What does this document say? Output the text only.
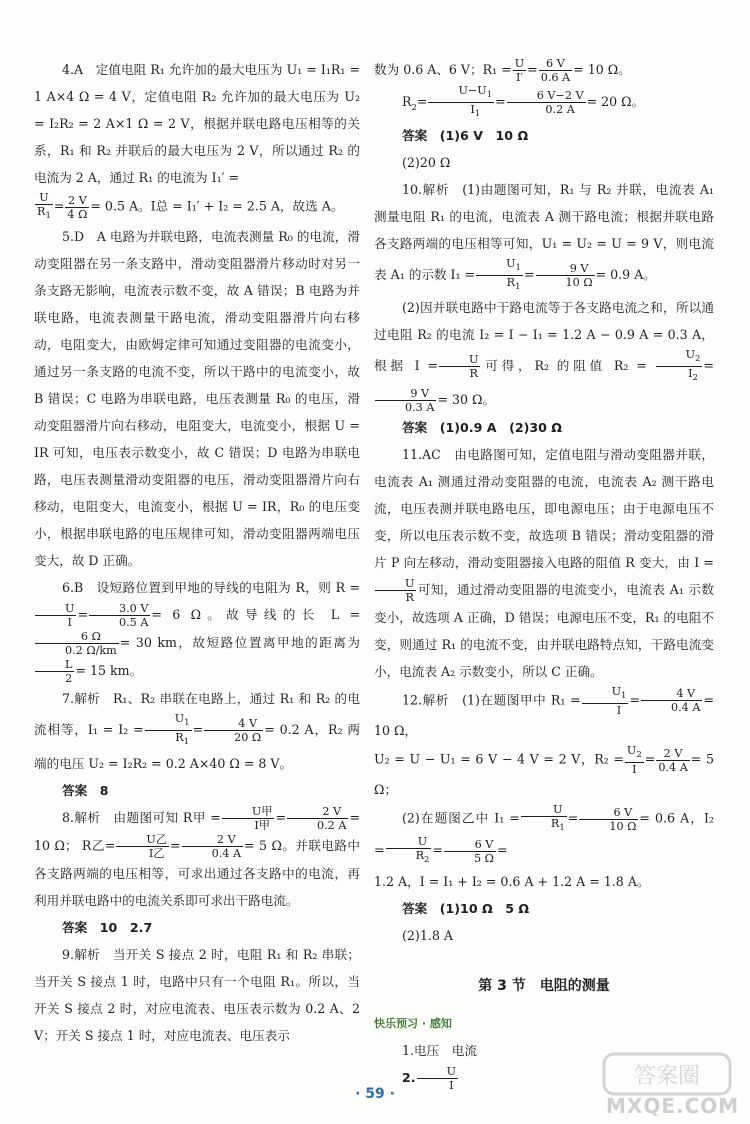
4.A　定值电阻 R₁ 允许加的最大电压为 U₁ = I₁R₁ = 1 A×4 Ω = 4 V，定值电阻 R₂ 允许加的最大电压为 U₂ = I₂R₂ = 2 A×1 Ω = 2 V，根据并联电路电压相等的关系，R₁ 和 R₂ 并联后的最大电压为 2 V，所以通过 R₂ 的电流为 2 A，通过 R₁ 的电流为 I₁′ =

$\frac{U}{R_1} = \frac{2 V}{4 \Omega} = 0.5$ A。I总 = I₁′ + I₂ = 2.5 A，故选 A。

5.D　A 电路为并联电路，电流表测量 R₀ 的电流，滑动变阻器在另一条支路中，滑动变阻器滑片移动时对另一条支路无影响，电流表示数不变，故 A 错误；B 电路为并联电路，电流表测量干路电流，滑动变阻器滑片向右移动，电阻变大，由欧姆定律可知通过变阻器的电流变小，通过另一条支路的电流不变，所以干路中的电流变小，故 B 错误；C 电路为串联电路，电压表测量 R₀ 的电压，滑动变阻器滑片向右移动，电阻变大，电流变小，根据 U = IR 可知，电压表示数变小，故 C 错误；D 电路为串联电路，电压表测量滑动变阻器的电压，滑动变阻器滑片向右移动，电阻变大，电流变小，根据 U = IR，R₀ 的电压变小，根据串联电路的电压规律可知，滑动变阻器两端电压变大，故 D 正确。

6.B　设短路位置到甲地的导线的电阻为 R，则 R =
$\frac{U}{I} = \frac{3.0 V}{0.5 A} = 6$ Ω。故导线的长 L =
$\frac{6 \Omega}{0.2 \Omega/km} = 30$ km，故短路位置离甲地的距离为
$\frac{L}{2} = 15$ km。

7.解析　R₁、R₂ 串联在电路上，通过 R₁ 和 R₂ 的电流相等，$I_1 = I_2 = \frac{U_1}{R_1} = \frac{4 V}{20 \Omega} = 0.2$ A，R₂ 两端的电压 U₂ = I₂R₂ = 0.2 A×40 Ω = 8 V。

答案　8

8.解析　由题图可知 R甲 = $\frac{\text{U甲}}{\text{I甲}} = \frac{2 V}{0.2 A} = 10$ Ω； R乙= $\frac{\text{U乙}}{\text{I乙}} = \frac{2 V}{0.4 A} = 5$ Ω。并联电路中各支路两端的电压相等，可求出通过各支路中的电流，再利用并联电路中的电流关系即可求出干路电流。

答案　10　2.7

9.解析　当开关 S 接点 2 时，电阻 R₁ 和 R₂ 串联；当开关 S 接点 1 时，电路中只有一个电阻 R₁。所以，当开关 S 接点 2 时，对应电流表、电压表示数为 0.2 A、2 V；开关 S 接点 1 时，对应电流表、电压表示

数为 0.6 A、6 V；$R_1 = \frac{U}{I'} = \frac{6 V}{0.6 A} = 10$ Ω。

$R_2= \frac{U-U_1}{I_1} = \frac{6 V-2 V}{0.2 A} = 20$ Ω。

答案　(1)6 V　10 Ω

(2)20 Ω

10.解析　(1)由题图可知，R₁ 与 R₂ 并联，电流表 A₁ 测量电阻 R₁ 的电流，电流表 A 测干路电流；根据并联电路各支路两端的电压相等可知，U₁ = U₂ = U = 9 V，则电流表 A₁ 的示数 $I_1 = \frac{U_1}{R_1} = \frac{9 V}{10 \Omega} = 0.9$ A。

(2)因并联电路中干路电流等于各支路电流之和，所以通过电阻 R₂ 的电流 I₂ = I − I₁ = 1.2 A − 0.9 A = 0.3 A，根据 $I = \frac{U}{R}$ 可得，R₂ 的阻值 $R_2 = \frac{U_2}{I_2}$ =
$\frac{9 V}{0.3 A} = 30$ Ω。

答案　(1)0.9 A　(2)30 Ω

11.AC　由电路图可知，定值电阻与滑动变阻器并联，电流表 A₁ 测通过滑动变阻器的电流，电流表 A₂ 测干路电流，电压表测并联电路电压，即电源电压；由于电源电压不变，所以电压表示数不变，故选项 B 错误；滑动变阻器的滑片 P 向左移动，滑动变阻器接入电路的阻值 R 变大，由 I =
$\frac{U}{R}$ 可知，通过滑动变阻器的电流变小，电流表 A₁ 示数变小，故选项 A 正确，D 错误；电源电压不变，R₁ 的电阻不变，则通过 R₁ 的电流不变，由并联电路特点知，干路电流变小，电流表 A₂ 示数变小，所以 C 正确。

12.解析　(1)在题图甲中 $R_1 = \frac{U_1}{I} = \frac{4 V}{0.4 A} = 10$ Ω，

U₂ = U − U₁ = 6 V − 4 V = 2 V，$R_2 = \frac{U_2}{I} = \frac{2 V}{0.4 A} = 5$ Ω；

(2)在题图乙中 $I_1 = \frac{U}{R_1} = \frac{6 V}{10 \Omega} = 0.6$ A，$I_2 = \frac{U}{R_2} = \frac{6 V}{5 \Omega}$ =

1.2 A，I = I₁ + I₂ = 0.6 A + 1.2 A = 1.8 A。

答案　(1)10 Ω　5 Ω

(2)1.8 A

第 3 节　电阻的测量

快乐预习 · 感知

1.电压　电流

2. $\frac{U}{I}$

· 59 ·
答案圈
MXQE.COM
